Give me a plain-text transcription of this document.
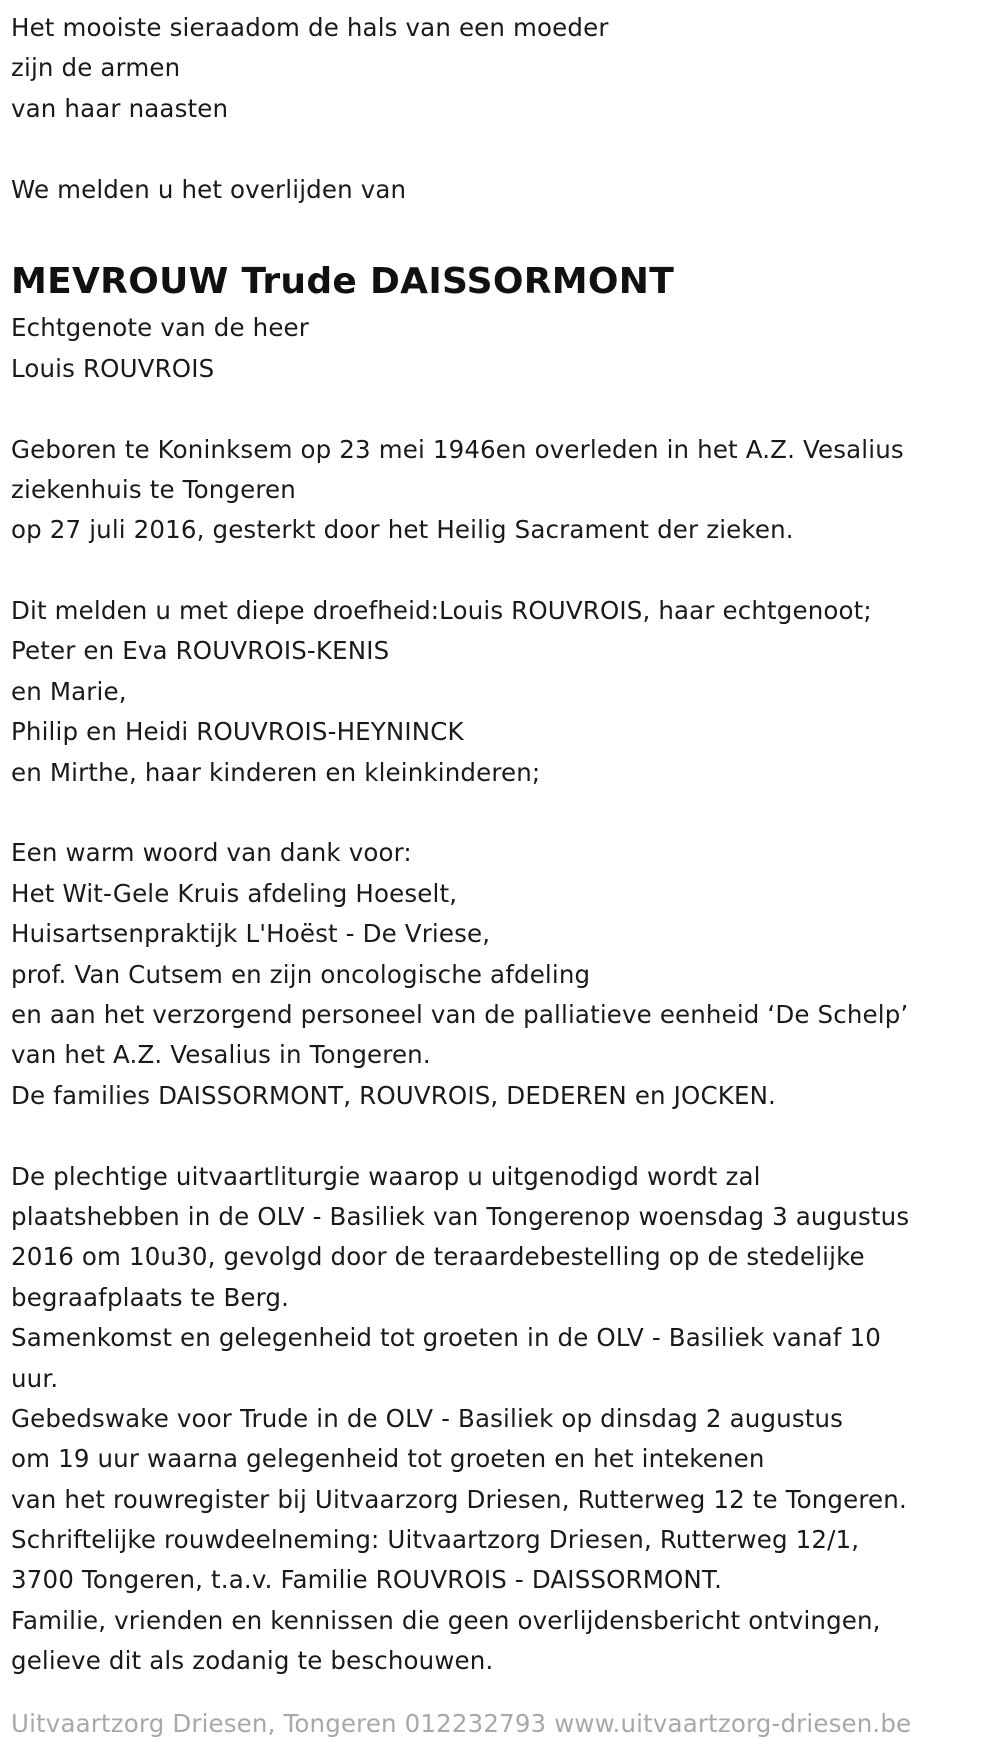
Het mooiste sieraadom de hals van een moeder
zijn de armen
van haar naasten
We melden u het overlijden van
MEVROUW Trude DAISSORMONT
Echtgenote van de heer
Louis ROUVROIS
Geboren te Koninksem op 23 mei 1946en overleden in het A.Z. Vesalius
ziekenhuis te Tongeren
op 27 juli 2016, gesterkt door het Heilig Sacrament der zieken.
Dit melden u met diepe droefheid:Louis ROUVROIS, haar echtgenoot;
Peter en Eva ROUVROIS-KENIS
en Marie,
Philip en Heidi ROUVROIS-HEYNINCK
en Mirthe, haar kinderen en kleinkinderen;
Een warm woord van dank voor:
Het Wit-Gele Kruis afdeling Hoeselt,
Huisartsenpraktijk L'Hoëst - De Vriese,
prof. Van Cutsem en zijn oncologische afdeling
en aan het verzorgend personeel van de palliatieve eenheid ‘De Schelp’
van het A.Z. Vesalius in Tongeren.
De families DAISSORMONT, ROUVROIS, DEDEREN en JOCKEN.
De plechtige uitvaartliturgie waarop u uitgenodigd wordt zal
plaatshebben in de OLV - Basiliek van Tongerenop woensdag 3 augustus
2016 om 10u30, gevolgd door de teraardebestelling op de stedelijke
begraafplaats te Berg.
Samenkomst en gelegenheid tot groeten in de OLV - Basiliek vanaf 10
uur.
Gebedswake voor Trude in de OLV - Basiliek op dinsdag 2 augustus
om 19 uur waarna gelegenheid tot groeten en het intekenen
van het rouwregister bij Uitvaarzorg Driesen, Rutterweg 12 te Tongeren.
Schriftelijke rouwdeelneming: Uitvaartzorg Driesen, Rutterweg 12/1,
3700 Tongeren, t.a.v. Familie ROUVROIS - DAISSORMONT.
Familie, vrienden en kennissen die geen overlijdensbericht ontvingen,
gelieve dit als zodanig te beschouwen.
Uitvaartzorg Driesen, Tongeren 012232793 www.uitvaartzorg-driesen.be
